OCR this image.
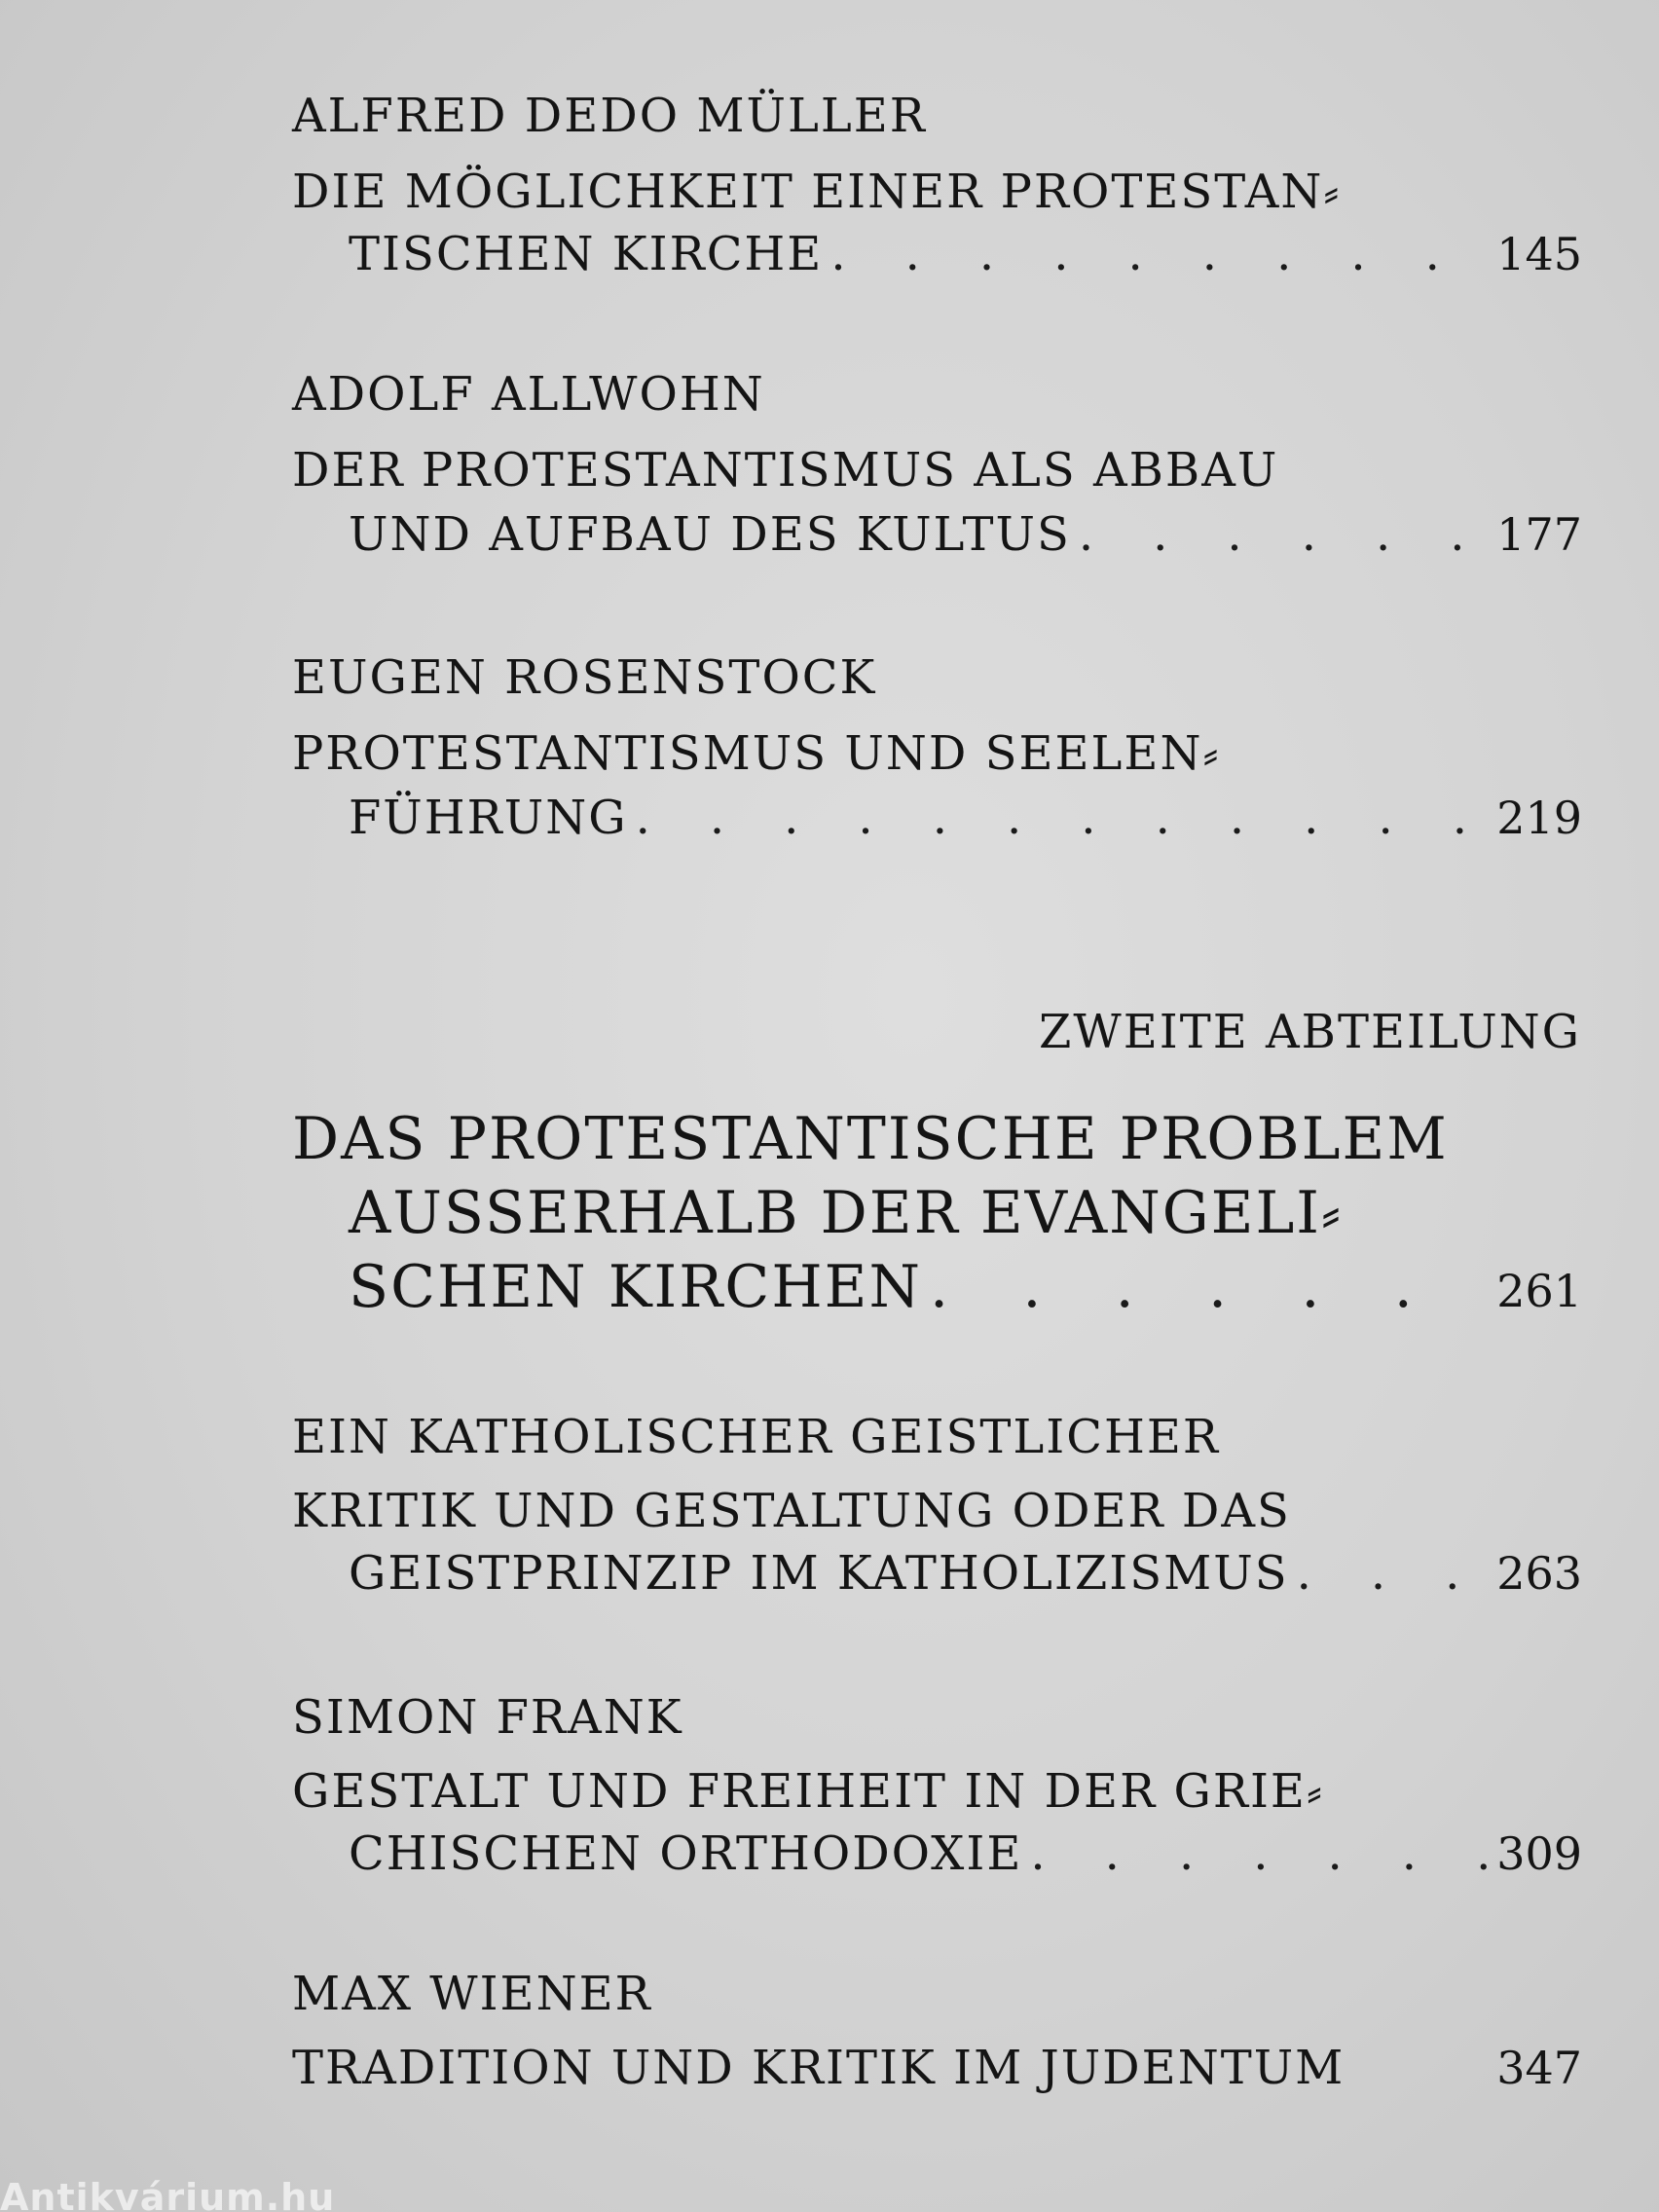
ALFRED DEDO MÜLLER
DIE MÖGLICHKEIT EINER PROTESTAN⸗
TISCHEN KIRCHE .	145
ADOLF ALLWOHN
DER PROTESTANTISMUS ALS ABBAU
UND AUFBAU DES KULTUS .	177
EUGEN ROSENSTOCK
PROTESTANTISMUS UND SEELEN⸗
FÜHRUNG .	219
ZWEITE ABTEILUNG
DAS PROTESTANTISCHE PROBLEM
AUSSERHALB DER EVANGELI⸗
SCHEN KIRCHEN .	261
EIN KATHOLISCHER GEISTLICHER
KRITIK UND GESTALTUNG ODER DAS
GEISTPRINZIP IM KATHOLIZISMUS .	263
SIMON FRANK
GESTALT UND FREIHEIT IN DER GRIE⸗
CHISCHEN ORTHODOXIE .	309
MAX WIENER
TRADITION UND KRITIK IM JUDENTUM	347
Antikvárium.hu
